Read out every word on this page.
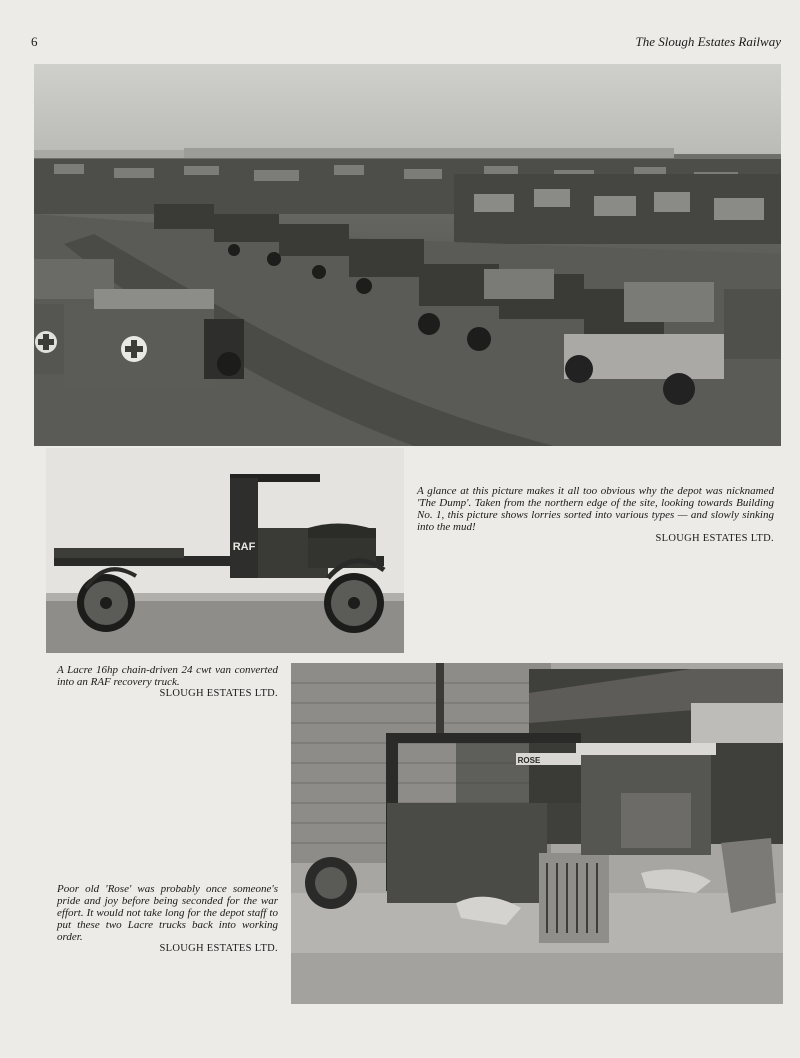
6	The Slough Estates Railway
RAF
ROSE
A glance at this picture makes it all too obvious why the depot was nicknamed 'The Dump'. Taken from the northern edge of the site, looking towards Building No. 1, this picture shows lorries sorted into various types — and slowly sinking into the mud!
SLOUGH ESTATES LTD.
A Lacre 16hp chain-driven 24 cwt van converted into an RAF recovery truck.
SLOUGH ESTATES LTD.
Poor old 'Rose' was probably once someone's pride and joy before being seconded for the war effort. It would not take long for the depot staff to put these two Lacre trucks back into working order.
SLOUGH ESTATES LTD.
